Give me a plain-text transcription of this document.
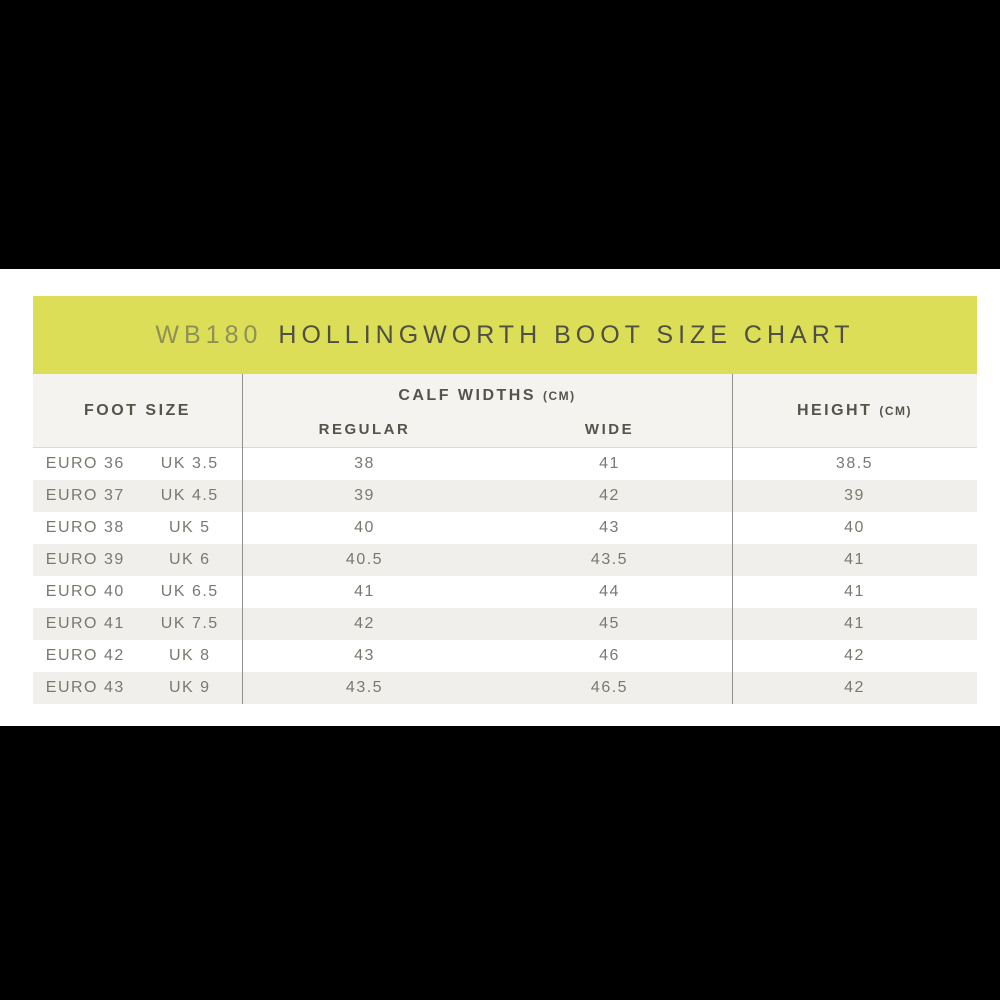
WB180 HOLLINGWORTH BOOT SIZE CHART
FOOT SIZE
CALF WIDTHS (CM)
REGULAR	WIDE
HEIGHT (CM)
EURO 36	UK 3.5	38	41	38.5
EURO 37	UK 4.5	39	42	39
EURO 38	UK 5	40	43	40
EURO 39	UK 6	40.5	43.5	41
EURO 40	UK 6.5	41	44	41
EURO 41	UK 7.5	42	45	41
EURO 42	UK 8	43	46	42
EURO 43	UK 9	43.5	46.5	42
